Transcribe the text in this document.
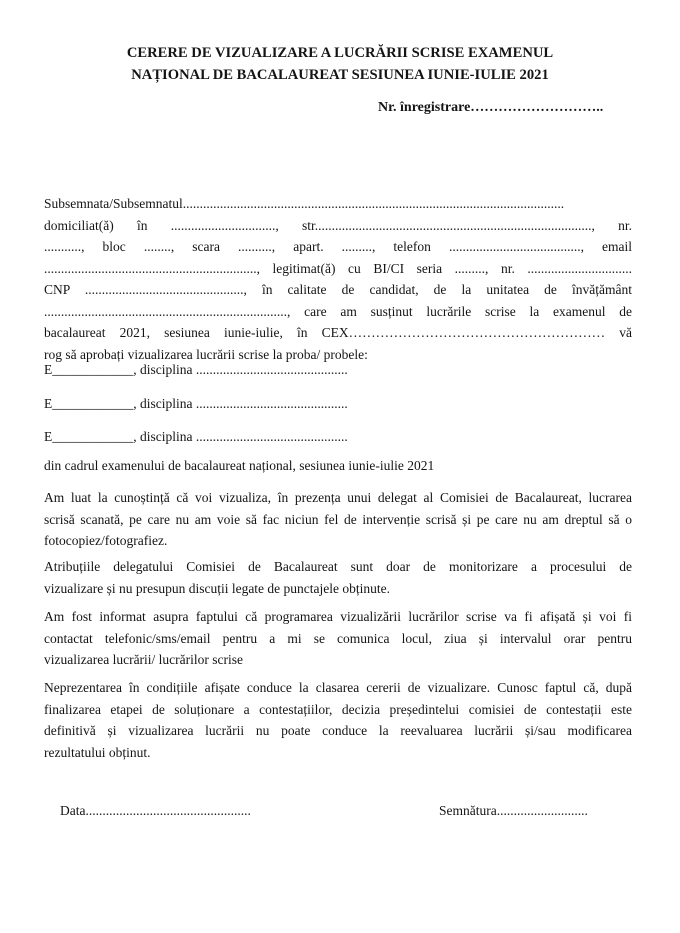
CERERE DE VIZUALIZARE A LUCRĂRII SCRISE EXAMENUL
NAȚIONAL DE BACALAUREAT SESIUNEA IUNIE-IULIE 2021
Nr. înregistrare………………………..
Subsemnata/Subsemnatul.................................................................................................................
domiciliat(ă) în ..............................., str.................................................................................., nr.
..........., bloc ........, scara .........., apart. ........., telefon ......................................., email
..............................................................., legitimat(ă) cu BI/CI seria ........., nr. ...............................
CNP ..............................................., în calitate de candidat, de la unitatea de învățământ
........................................................................, care am susținut lucrările scrise la examenul de
bacalaureat 2021, sesiunea iunie-iulie, în CEX………………………………………………… vă
rog să aprobați vizualizarea lucrării scrise la proba/ probele:
E____________, disciplina .............................................
E____________, disciplina .............................................
E____________, disciplina .............................................
din cadrul examenului de bacalaureat național, sesiunea iunie-iulie 2021
Am luat la cunoștință că voi vizualiza, în prezența unui delegat al Comisiei de Bacalaureat, lucrarea
scrisă scanată, pe care nu am voie să fac niciun fel de intervenție scrisă și pe care nu am dreptul să o
fotocopiez/fotografiez.
Atribuțiile delegatului Comisiei de Bacalaureat sunt doar de monitorizare a procesului de
vizualizare și nu presupun discuții legate de punctajele obținute.
Am fost informat asupra faptului că programarea vizualizării lucrărilor scrise va fi afișată și voi fi
contactat telefonic/sms/email pentru a mi se comunica locul, ziua și intervalul orar pentru
vizualizarea lucrării/ lucrărilor scrise
Neprezentarea în condițiile afișate conduce la clasarea cererii de vizualizare. Cunosc faptul că, după
finalizarea etapei de soluționare a contestațiilor, decizia președintelui comisiei de contestații este
definitivă și vizualizarea lucrării nu poate conduce la reevaluarea lucrării și/sau modificarea
rezultatului obținut.
Data.................................................	Semnătura...........................
